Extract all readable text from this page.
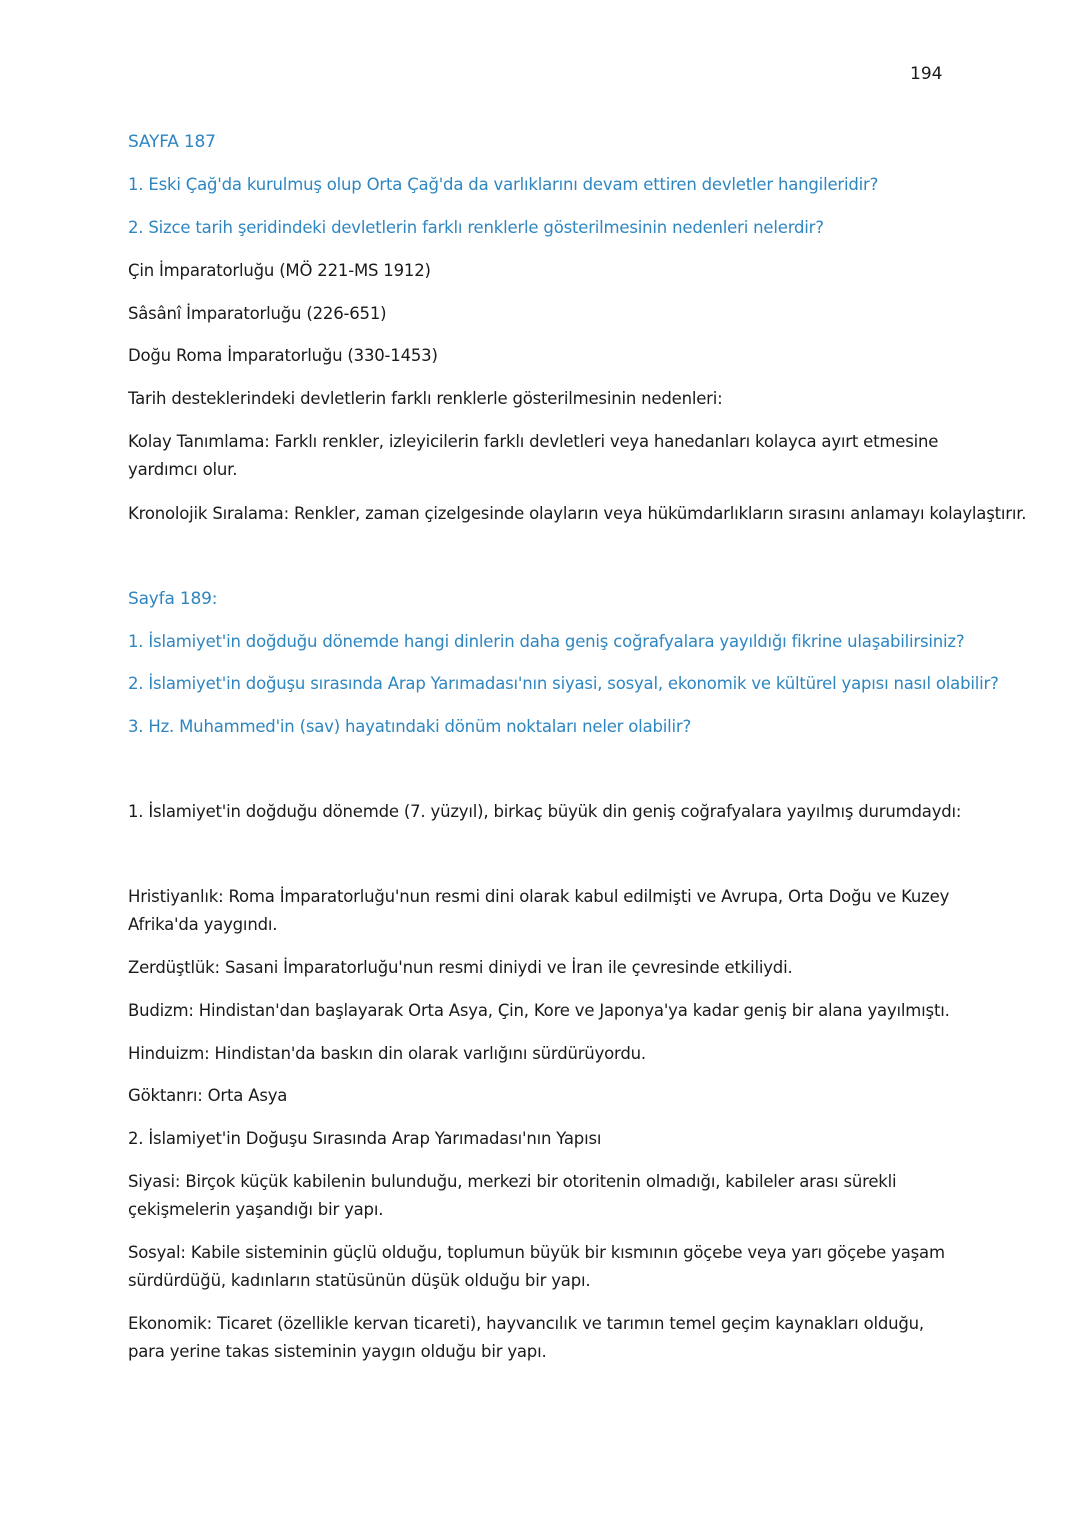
194

SAYFA 187

1. Eski Çağ'da kurulmuş olup Orta Çağ'da da varlıklarını devam ettiren devletler hangileridir?

2. Sizce tarih şeridindeki devletlerin farklı renklerle gösterilmesinin nedenleri nelerdir?

Çin İmparatorluğu (MÖ 221-MS 1912)

Sâsânî İmparatorluğu (226-651)

Doğu Roma İmparatorluğu (330-1453)

Tarih desteklerindeki devletlerin farklı renklerle gösterilmesinin nedenleri:

Kolay Tanımlama: Farklı renkler, izleyicilerin farklı devletleri veya hanedanları kolayca ayırt etmesine yardımcı olur.

Kronolojik Sıralama: Renkler, zaman çizelgesinde olayların veya hükümdarlıkların sırasını anlamayı kolaylaştırır.

Sayfa 189:

1. İslamiyet'in doğduğu dönemde hangi dinlerin daha geniş coğrafyalara yayıldığı fikrine ulaşabilirsiniz?

2. İslamiyet'in doğuşu sırasında Arap Yarımadası'nın siyasi, sosyal, ekonomik ve kültürel yapısı nasıl olabilir?

3. Hz. Muhammed'in (sav) hayatındaki dönüm noktaları neler olabilir?

1. İslamiyet'in doğduğu dönemde (7. yüzyıl), birkaç büyük din geniş coğrafyalara yayılmış durumdaydı:

Hristiyanlık: Roma İmparatorluğu'nun resmi dini olarak kabul edilmişti ve Avrupa, Orta Doğu ve Kuzey Afrika'da yaygındı.

Zerdüştlük: Sasani İmparatorluğu'nun resmi diniydi ve İran ile çevresinde etkiliydi.

Budizm: Hindistan'dan başlayarak Orta Asya, Çin, Kore ve Japonya'ya kadar geniş bir alana yayılmıştı.

Hinduizm: Hindistan'da baskın din olarak varlığını sürdürüyordu.

Göktanrı: Orta Asya

2. İslamiyet'in Doğuşu Sırasında Arap Yarımadası'nın Yapısı

Siyasi: Birçok küçük kabilenin bulunduğu, merkezi bir otoritenin olmadığı, kabileler arası sürekli çekişmelerin yaşandığı bir yapı.

Sosyal: Kabile sisteminin güçlü olduğu, toplumun büyük bir kısmının göçebe veya yarı göçebe yaşam sürdürdüğü, kadınların statüsünün düşük olduğu bir yapı.

Ekonomik: Ticaret (özellikle kervan ticareti), hayvancılık ve tarımın temel geçim kaynakları olduğu, para yerine takas sisteminin yaygın olduğu bir yapı.
